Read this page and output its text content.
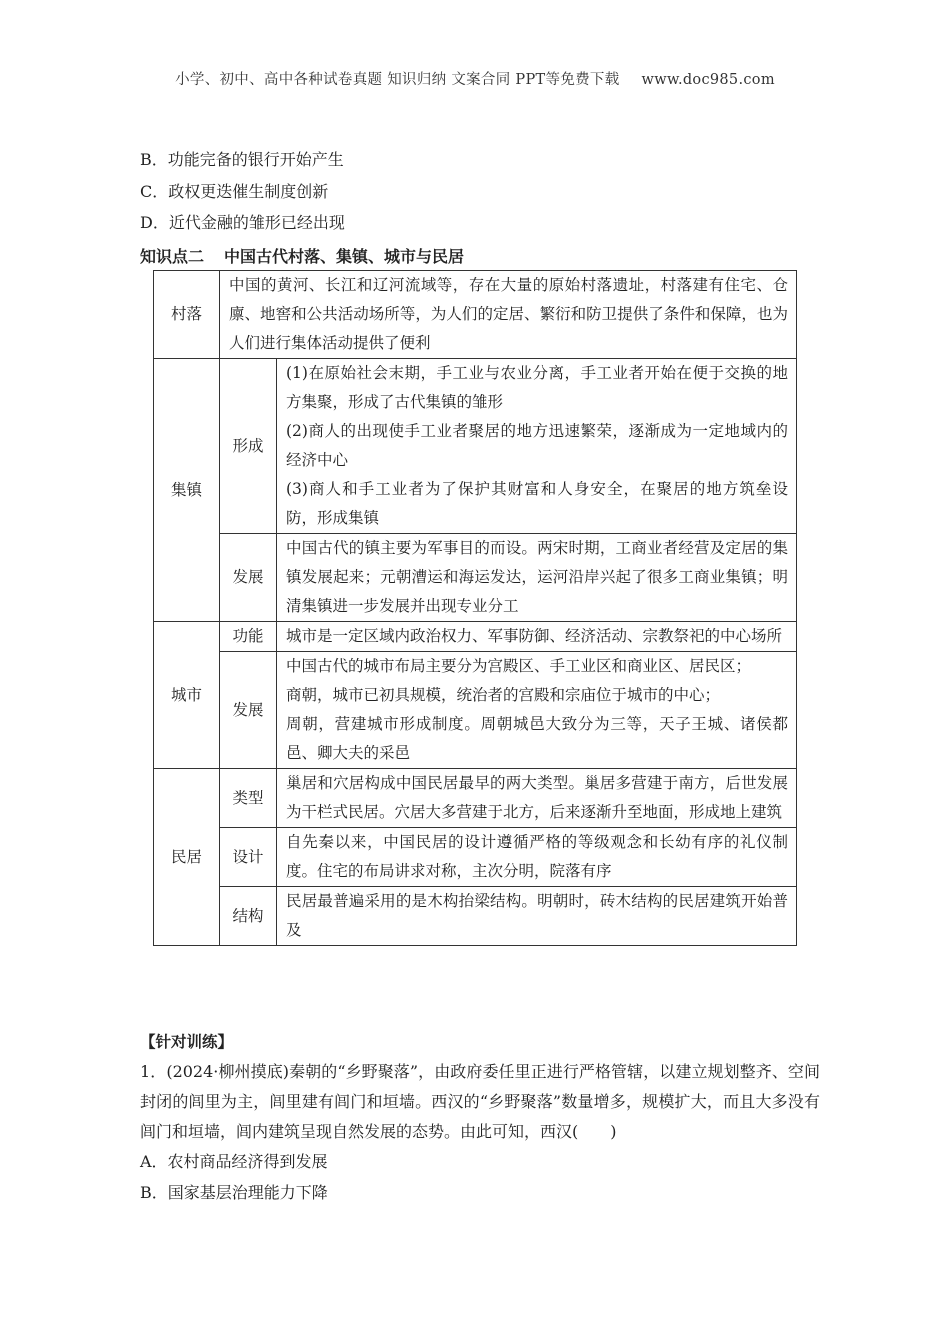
小学、初中、高中各种试卷真题 知识归纳 文案合同 PPT等免费下载 www.doc985.com
B．功能完备的银行开始产生
C．政权更迭催生制度创新
D．近代金融的雏形已经出现
知识点二 中国古代村落、集镇、城市与民居
村落	中国的黄河、长江和辽河流域等，存在大量的原始村落遗址，村落建有住宅、仓廪、地窖和公共活动场所等，为人们的定居、繁衍和防卫提供了条件和保障，也为人们进行集体活动提供了便利	
集镇	形成	(1)在原始社会末期，手工业与农业分离，手工业者开始在便于交换的地方集聚，形成了古代集镇的雏形
(2)商人的出现使手工业者聚居的地方迅速繁荣，逐渐成为一定地域内的经济中心
(3)商人和手工业者为了保护其财富和人身安全，在聚居的地方筑垒设防，形成集镇

	发展	中国古代的镇主要为军事目的而设。两宋时期，工商业者经营及定居的集镇发展起来；元朝漕运和海运发达，运河沿岸兴起了很多工商业集镇；明清集镇进一步发展并出现专业分工
城市	功能	城市是一定区域内政治权力、军事防御、经济活动、宗教祭祀的中心场所
	发展	中国古代的城市布局主要分为宫殿区、手工业区和商业区、居民区；
商朝，城市已初具规模，统治者的宫殿和宗庙位于城市的中心；
周朝，营建城市形成制度。周朝城邑大致分为三等，天子王城、诸侯都邑、卿大夫的采邑

民居	类型	巢居和穴居构成中国民居最早的两大类型。巢居多营建于南方，后世发展为干栏式民居。穴居大多营建于北方，后来逐渐升至地面，形成地上建筑
	设计	自先秦以来，中国民居的设计遵循严格的等级观念和长幼有序的礼仪制度。住宅的布局讲求对称，主次分明，院落有序
	结构	民居最普遍采用的是木构抬梁结构。明朝时，砖木结构的民居建筑开始普及
【针对训练】
1．(2024·柳州摸底)秦朝的“乡野聚落”，由政府委任里正进行严格管辖，以建立规划整齐、空间封闭的闾里为主，闾里建有闾门和垣墙。西汉的“乡野聚落”数量增多，规模扩大，而且大多没有闾门和垣墙，闾内建筑呈现自然发展的态势。由此可知，西汉(　　)
A．农村商品经济得到发展
B．国家基层治理能力下降
